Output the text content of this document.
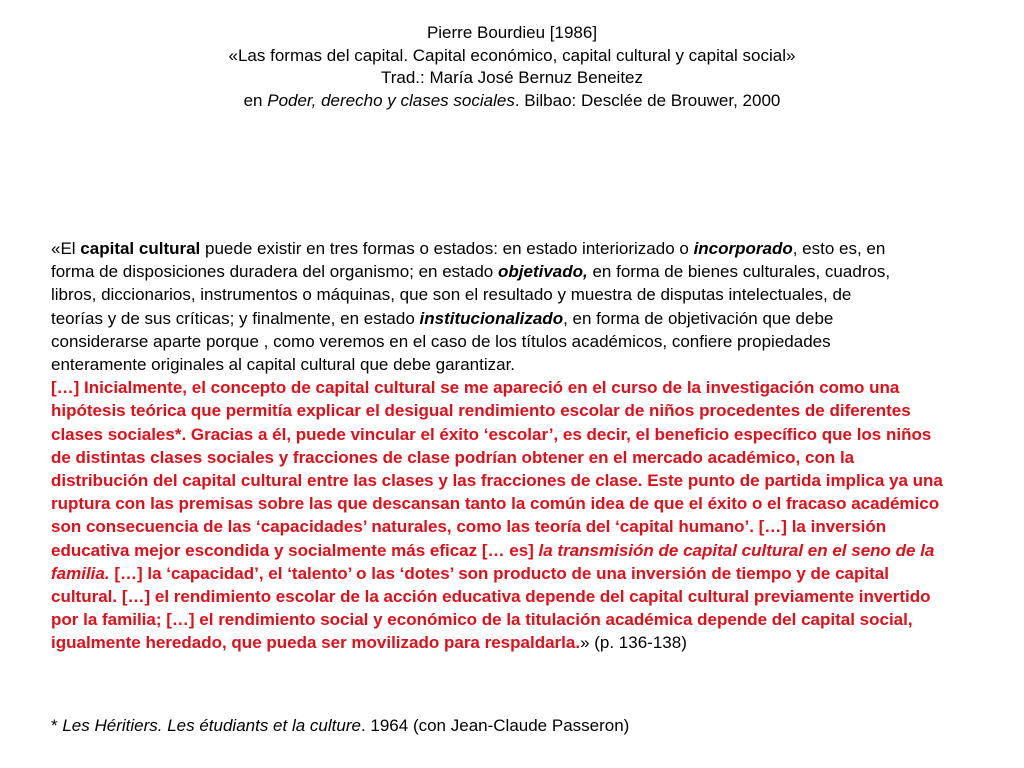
Pierre Bourdieu [1986]
«Las formas del capital. Capital económico, capital cultural y capital social»
Trad.: María José Bernuz Beneitez
en Poder, derecho y clases sociales. Bilbao: Desclée de Brouwer, 2000
«El capital cultural puede existir en tres formas o estados: en estado interiorizado o incorporado, esto es, en
forma de disposiciones duradera del organismo; en estado objetivado, en forma de bienes culturales, cuadros,
libros, diccionarios, instrumentos o máquinas, que son el resultado y muestra de disputas intelectuales, de
teorías y de sus críticas; y finalmente, en estado institucionalizado, en forma de objetivación que debe
considerarse aparte porque , como veremos en el caso de los títulos académicos, confiere propiedades
enteramente originales al capital cultural que debe garantizar.
[…] Inicialmente, el concepto de capital cultural se me apareció en el curso de la investigación como una
hipótesis teórica que permitía explicar el desigual rendimiento escolar de niños procedentes de diferentes
clases sociales*. Gracias a él, puede vincular el éxito ‘escolar’, es decir, el beneficio específico que los niños
de distintas clases sociales y fracciones de clase podrían obtener en el mercado académico, con la
distribución del capital cultural entre las clases y las fracciones de clase. Este punto de partida implica ya una
ruptura con las premisas sobre las que descansan tanto la común idea de que el éxito o el fracaso académico
son consecuencia de las ‘capacidades’ naturales, como las teoría del ‘capital humano’. […] la inversión
educativa mejor escondida y socialmente más eficaz [… es] la transmisión de capital cultural en el seno de la
familia. […] la ‘capacidad’, el ‘talento’ o las ‘dotes’ son producto de una inversión de tiempo y de capital
cultural. […] el rendimiento escolar de la acción educativa depende del capital cultural previamente invertido
por la familia; […] el rendimiento social y económico de la titulación académica depende del capital social,
igualmente heredado, que pueda ser movilizado para respaldarla.» (p. 136-138)
* Les Héritiers. Les étudiants et la culture. 1964 (con Jean-Claude Passeron)
